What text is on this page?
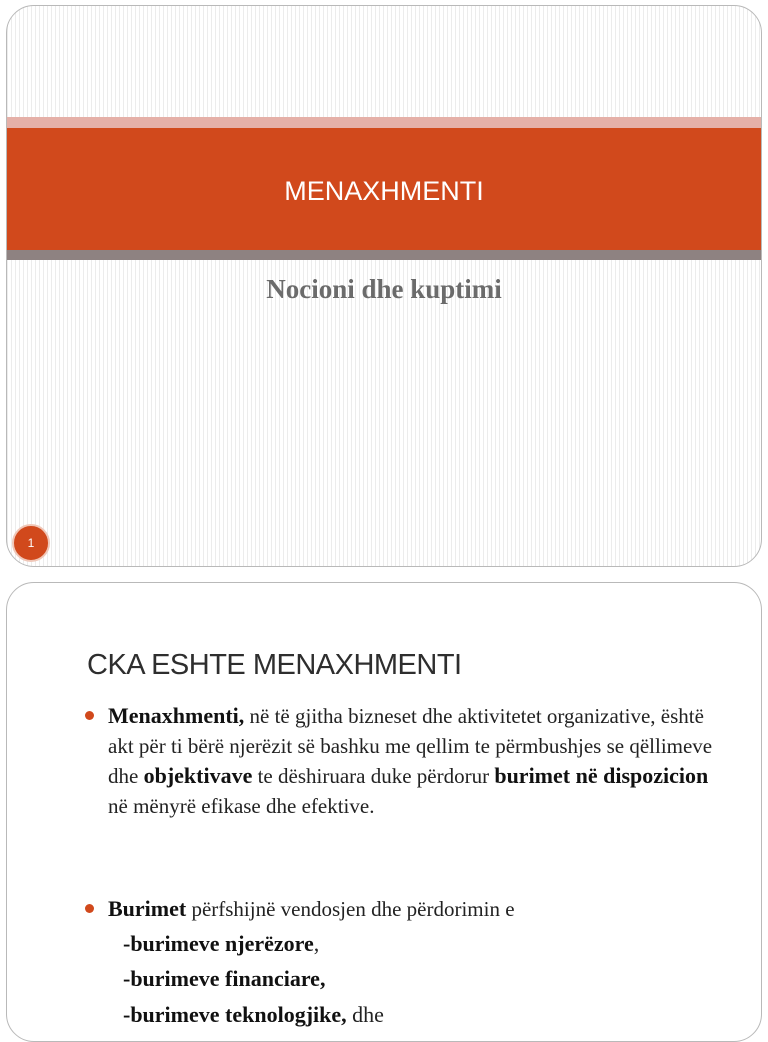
MENAXHMENTI
Nocioni dhe kuptimi
1
CKA ESHTE MENAXHMENTI
Menaxhmenti, në të gjitha bizneset dhe aktivitetet organizative, është akt për ti bërë njerëzit së bashku me qellim te përmbushjes se qëllimeve dhe objektivave te dëshiruara duke përdorur burimet në dispozicion në mënyrë efikase dhe efektive.
Burimet përfshijnë vendosjen dhe përdorimin e
-burimeve njerëzore,
-burimeve financiare,
-burimeve teknologjike, dhe
